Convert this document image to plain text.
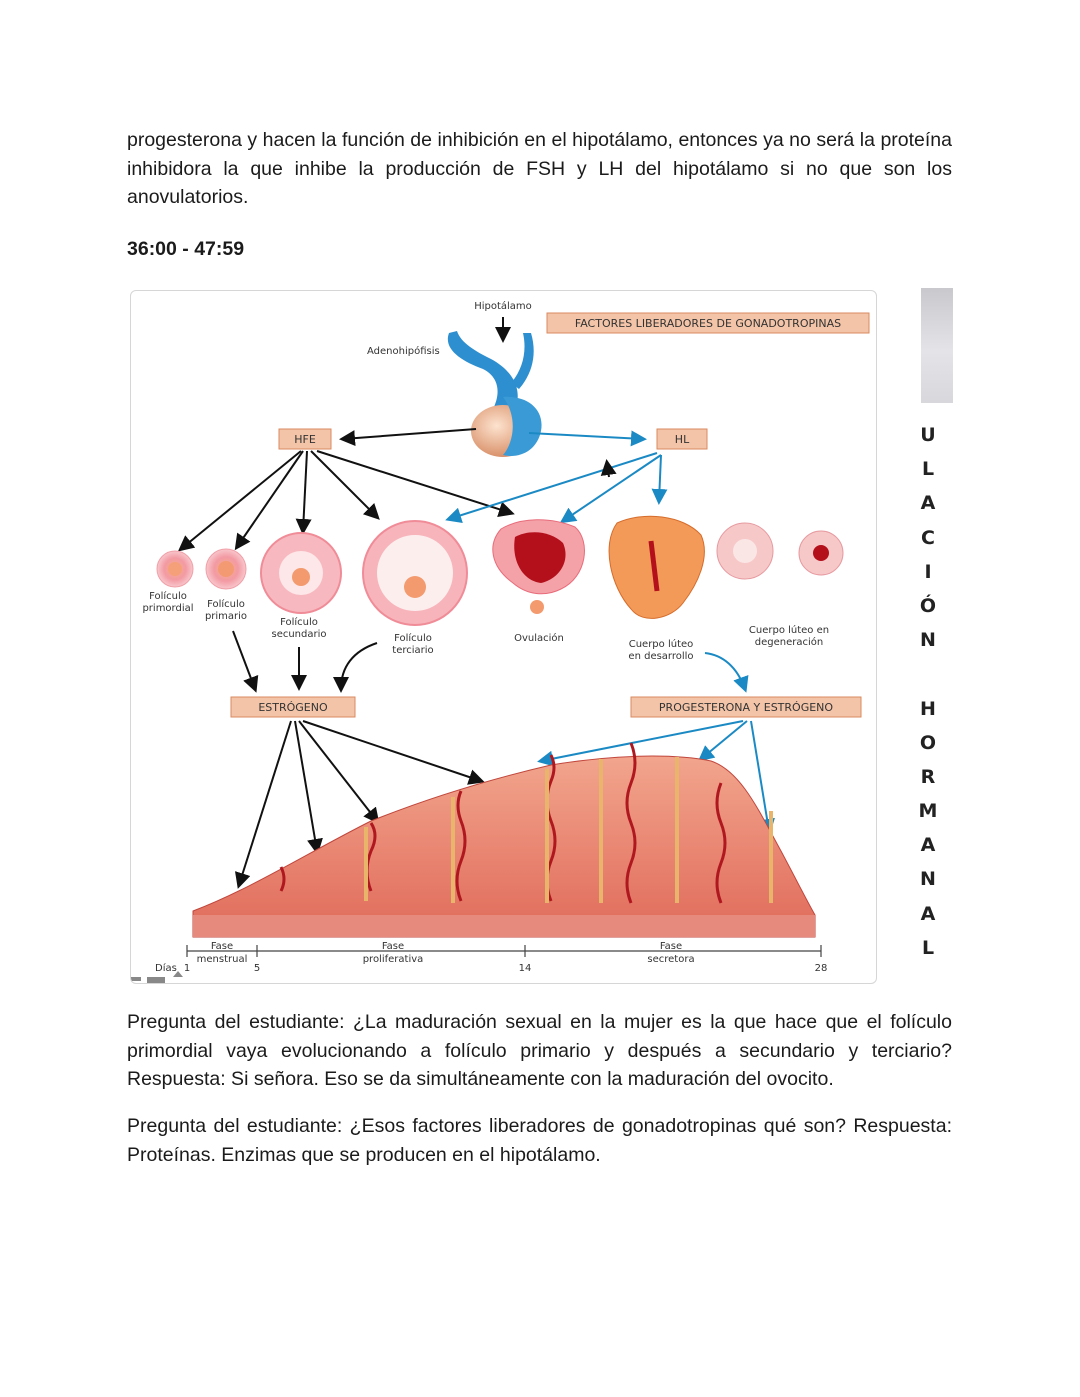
progesterona y hacen la función de inhibición en el hipotálamo, entonces ya no será la proteína inhibidora la que inhibe la producción de FSH y LH del hipotálamo si no que son los anovulatorios.

36:00 - 47:59
Hipotálamo
FACTORES LIBERADORES DE GONADOTROPINAS
Adenohipófisis
HFE	HL
Folículo
primordial Folículo
primario
Folículo
secundario	Folículo
terciario
Ovulación
Cuerpo lúteo
en desarrollo
Cuerpo lúteo en
degeneración
ESTRÓGENO	PROGESTERONA Y ESTRÓGENO
Días 1	5	14	28
Fase
menstrual
Fase
proliferativa
Fase
secretora
U
L
A
C
I
Ó
N
H
O
R
M
A
N
A
L

Pregunta del estudiante: ¿La maduración sexual en la mujer es la que hace que el folículo primordial vaya evolucionando a folículo primario y después a secundario y terciario? Respuesta: Si señora. Eso se da simultáneamente con la maduración del ovocito.

Pregunta del estudiante: ¿Esos factores liberadores de gonadotropinas qué son? Respuesta: Proteínas. Enzimas que se producen en el hipotálamo.
